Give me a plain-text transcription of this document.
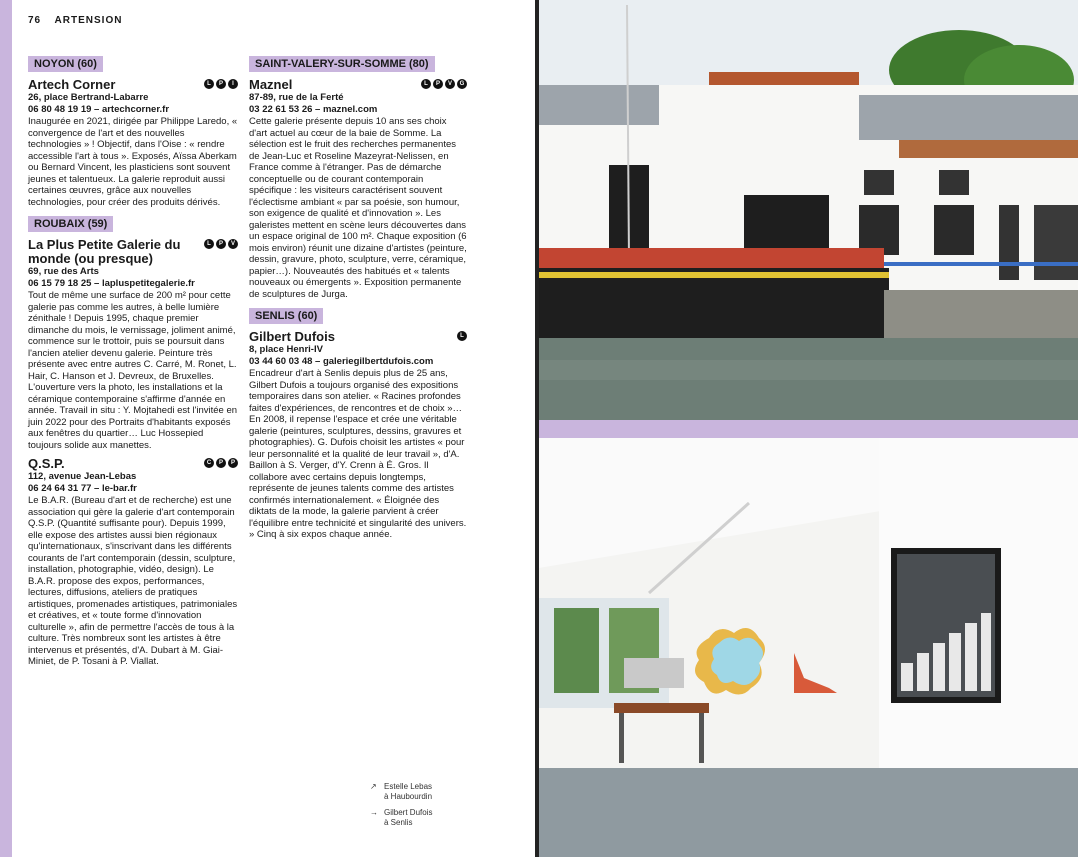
76 ARTENSION
NOYON (60)
Artech Corner	L	P	I
26, place Bertrand-Labarre
06 80 48 19 19 – artechcorner.fr

Inaugurée en 2021, dirigée par Philippe Laredo, « convergence de l'art et des nouvelles technologies » ! Objectif, dans l'Oise : « rendre accessible l'art à tous ». Exposés, Aïssa Aberkam ou Bernard Vincent, les plasticiens sont souvent jeunes et talentueux. La galerie reproduit aussi certaines œuvres, grâce aux nouvelles technologies, pour créer des produits dérivés.

ROUBAIX (59)
La Plus Petite Galerie du monde (ou presque)
L	P	V
69, rue des Arts
06 15 79 18 25 – lapluspetitegalerie.fr

Tout de même une surface de 200 m² pour cette galerie pas comme les autres, à belle lumière zénithale ! Depuis 1995, chaque premier dimanche du mois, le vernissage, joliment animé, commence sur le trottoir, puis se poursuit dans l'ancien atelier devenu galerie. Peinture très présente avec entre autres C. Carré, M. Ronet, L. Hair, C. Hanson et J. Devreux, de Bruxelles. L'ouverture vers la photo, les installations et la céramique contemporaine s'affirme d'année en année. Travail in situ : Y. Mojtahedi est l'invitée en juin 2022 pour des Portraits d'habitants exposés aux fenêtres du quartier… Luc Hossepied toujours solide aux manettes.

Q.S.P.	C	P	P
112, avenue Jean-Lebas
06 24 64 31 77 – le-bar.fr

Le B.A.R. (Bureau d'art et de recherche) est une association qui gère la galerie d'art contemporain Q.S.P. (Quantité suffisante pour). Depuis 1999, elle expose des artistes aussi bien régionaux qu'internationaux, s'inscrivant dans les différents courants de l'art contemporain (dessin, sculpture, installation, photographie, vidéo, design). Le B.A.R. propose des expos, performances, lectures, diffusions, ateliers de pratiques artistiques, promenades artistiques, patrimoniales et créatives, et « toute forme d'innovation culturelle », afin de permettre l'accès de tous à la culture. Très nombreux sont les artistes à être intervenus et présentés, d'A. Dubart à M. Giai-Miniet, de P. Tosani à P. Viallat.

SAINT-VALERY-SUR-SOMME (80)
Maznel	L	P	V	G
87-89, rue de la Ferté
03 22 61 53 26 – maznel.com

Cette galerie présente depuis 10 ans ses choix d'art actuel au cœur de la baie de Somme. La sélection est le fruit des recherches permanentes de Jean-Luc et Roseline Mazeyrat-Nelissen, en France comme à l'étranger. Pas de démarche conceptuelle ou de courant contemporain spécifique : les visiteurs caractérisent souvent l'éclectisme ambiant « par sa poésie, son humour, son exigence de qualité et d'innovation ». Les galeristes mettent en scène leurs découvertes dans un espace original de 100 m². Chaque exposition (6 mois environ) réunit une dizaine d'artistes (peinture, dessin, gravure, photo, sculpture, verre, céramique, papier…). Nouveautés des habitués et « talents nouveaux ou émergents ». Exposition permanente de sculptures de Jurga.

SENLIS (60)
Gilbert Dufois	L
8, place Henri-IV
03 44 60 03 48 – galeriegilbertdufois.com

Encadreur d'art à Senlis depuis plus de 25 ans, Gilbert Dufois a toujours organisé des expositions temporaires dans son atelier. « Racines profondes faites d'expériences, de rencontres et de choix »… En 2008, il repense l'espace et crée une véritable galerie (peintures, sculptures, dessins, gravures et photographies). G. Dufois choisit les artistes « pour leur personnalité et la qualité de leur travail », d'A. Baillon à S. Verger, d'Y. Crenn à É. Gros. Il collabore avec certains depuis longtemps, représente de jeunes talents comme des artistes confirmés internationalement. « Éloignée des diktats de la mode, la galerie parvient à créer l'équilibre entre technicité et singularité des univers. » Cinq à six expos chaque année.

↗ Estelle Lebas
à Haubourdin
→ Gilbert Dufois
à Senlis
